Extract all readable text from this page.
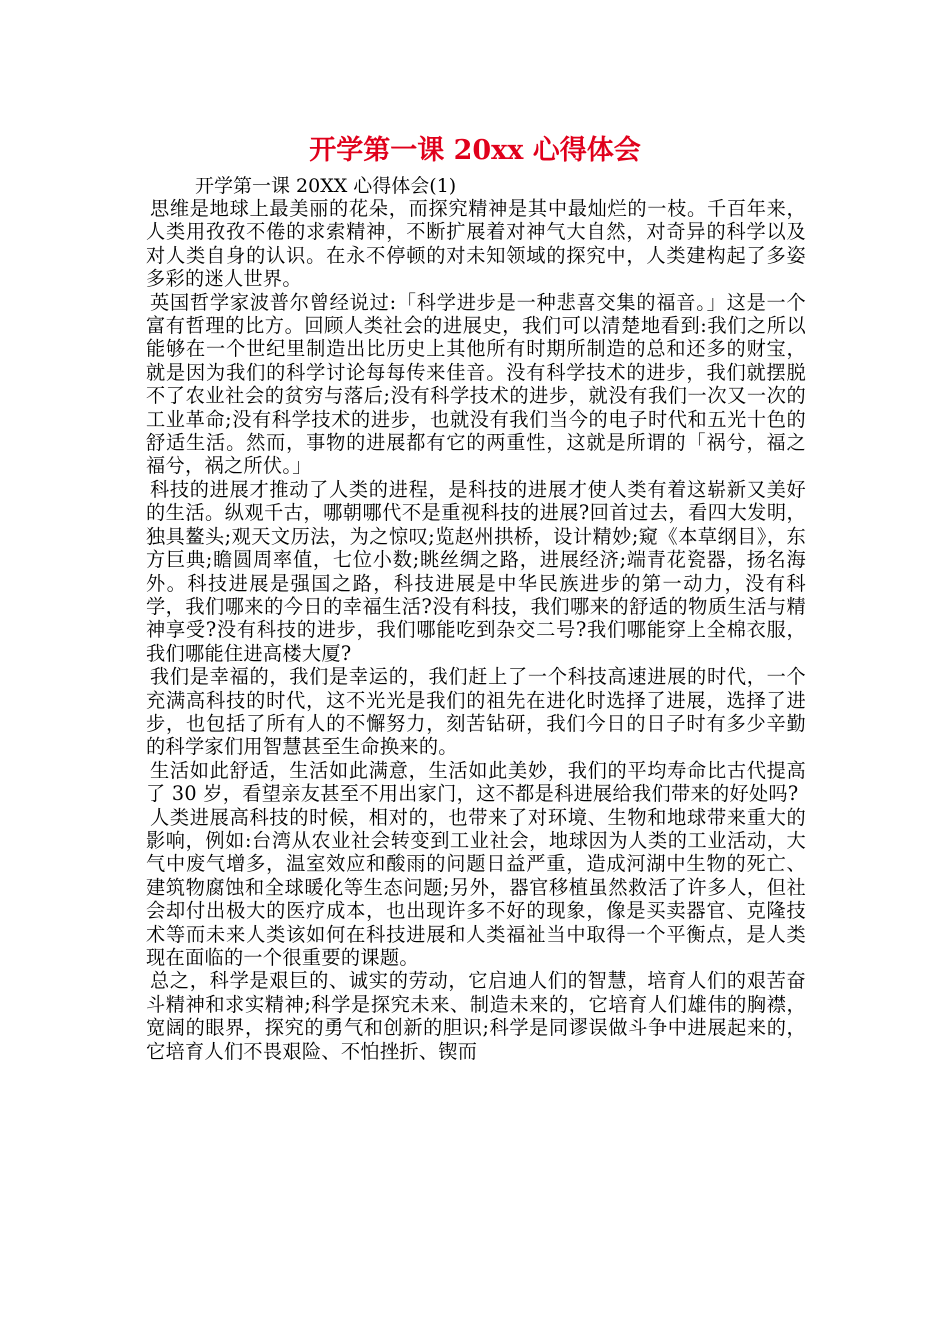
开学第一课 20xx 心得体会
开学第一课 20XX 心得体会(1)

思维是地球上最美丽的花朵，而探究精神是其中最灿烂的一枝。千百年来，人类用孜孜不倦的求索精神，不断扩展着对神气大自然，对奇异的科学以及对人类自身的认识。在永不停顿的对未知领域的探究中，人类建构起了多姿多彩的迷人世界。

英国哲学家波普尔曾经说过:「科学进步是一种悲喜交集的福音。」这是一个富有哲理的比方。回顾人类社会的进展史，我们可以清楚地看到:我们之所以能够在一个世纪里制造出比历史上其他所有时期所制造的总和还多的财宝，就是因为我们的科学讨论每每传来佳音。没有科学技术的进步，我们就摆脱不了农业社会的贫穷与落后;没有科学技术的进步，就没有我们一次又一次的工业革命;没有科学技术的进步，也就没有我们当今的电子时代和五光十色的舒适生活。然而，事物的进展都有它的两重性，这就是所谓的「祸兮，福之福兮，祸之所伏。」

科技的进展才推动了人类的进程，是科技的进展才使人类有着这崭新又美好的生活。纵观千古，哪朝哪代不是重视科技的进展?回首过去，看四大发明，独具鳌头;观天文历法，为之惊叹;览赵州拱桥，设计精妙;窥《本草纲目》，东方巨典;瞻圆周率值，七位小数;眺丝绸之路，进展经济;端青花瓷器，扬名海外。科技进展是强国之路，科技进展是中华民族进步的第一动力，没有科学，我们哪来的今日的幸福生活?没有科技，我们哪来的舒适的物质生活与精神享受?没有科技的进步，我们哪能吃到杂交二号?我们哪能穿上全棉衣服，我们哪能住进高楼大厦?

我们是幸福的，我们是幸运的，我们赶上了一个科技高速进展的时代，一个充满高科技的时代，这不光光是我们的祖先在进化时选择了进展，选择了进步，也包括了所有人的不懈努力，刻苦钻研，我们今日的日子时有多少辛勤的科学家们用智慧甚至生命换来的。

生活如此舒适，生活如此满意，生活如此美妙，我们的平均寿命比古代提高了 30 岁，看望亲友甚至不用出家门，这不都是科进展给我们带来的好处吗?

人类进展高科技的时候，相对的，也带来了对环境、生物和地球带来重大的影响，例如:台湾从农业社会转变到工业社会，地球因为人类的工业活动，大气中废气增多，温室效应和酸雨的问题日益严重，造成河湖中生物的死亡、建筑物腐蚀和全球暖化等生态问题;另外，器官移植虽然救活了许多人，但社会却付出极大的医疗成本，也出现许多不好的现象，像是买卖器官、克隆技术等而未来人类该如何在科技进展和人类福祉当中取得一个平衡点，是人类现在面临的一个很重要的课题。

总之，科学是艰巨的、诚实的劳动，它启迪人们的智慧，培育人们的艰苦奋斗精神和求实精神;科学是探究未来、制造未来的，它培育人们雄伟的胸襟，宽阔的眼界，探究的勇气和创新的胆识;科学是同谬误做斗争中进展起来的，它培育人们不畏艰险、不怕挫折、锲而
